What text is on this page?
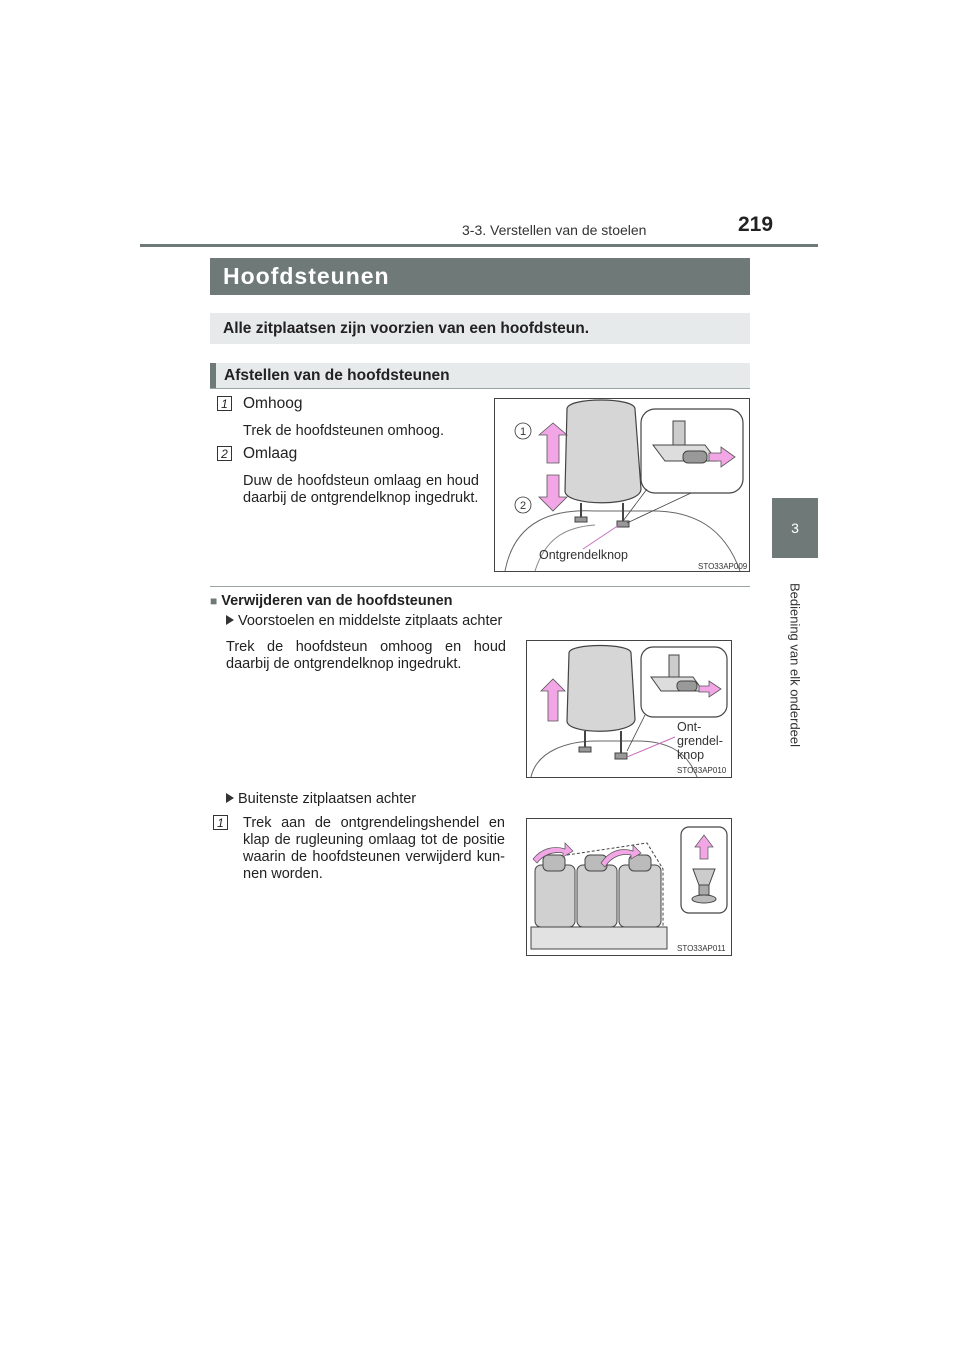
3-3. Verstellen van de stoelen	219
3
Bediening van elk onderdeel
Hoofdsteunen
Alle zitplaatsen zijn voorzien van een hoofdsteun.
Afstellen van de hoofdsteunen
1 Omhoog
Trek de hoofdsteunen omhoog.
2 Omlaag
Duw de hoofdsteun omlaag en houd daarbij de ontgrendelknop ingedrukt.
1
2
Ontgrendelknop
STO33AP009
■ Verwijderen van de hoofdsteunen
Voorstoelen en middelste zitplaats achter
Trek de hoofdsteun omhoog en houd daarbij de ontgrendelknop ingedrukt.
Ont-
grendel-
knop
STO33AP010
Buitenste zitplaatsen achter
1 Trek aan de ontgrendelingshendel en klap de rugleuning omlaag tot de positie waarin de hoofdsteunen verwijderd kun-nen worden.
STO33AP011
